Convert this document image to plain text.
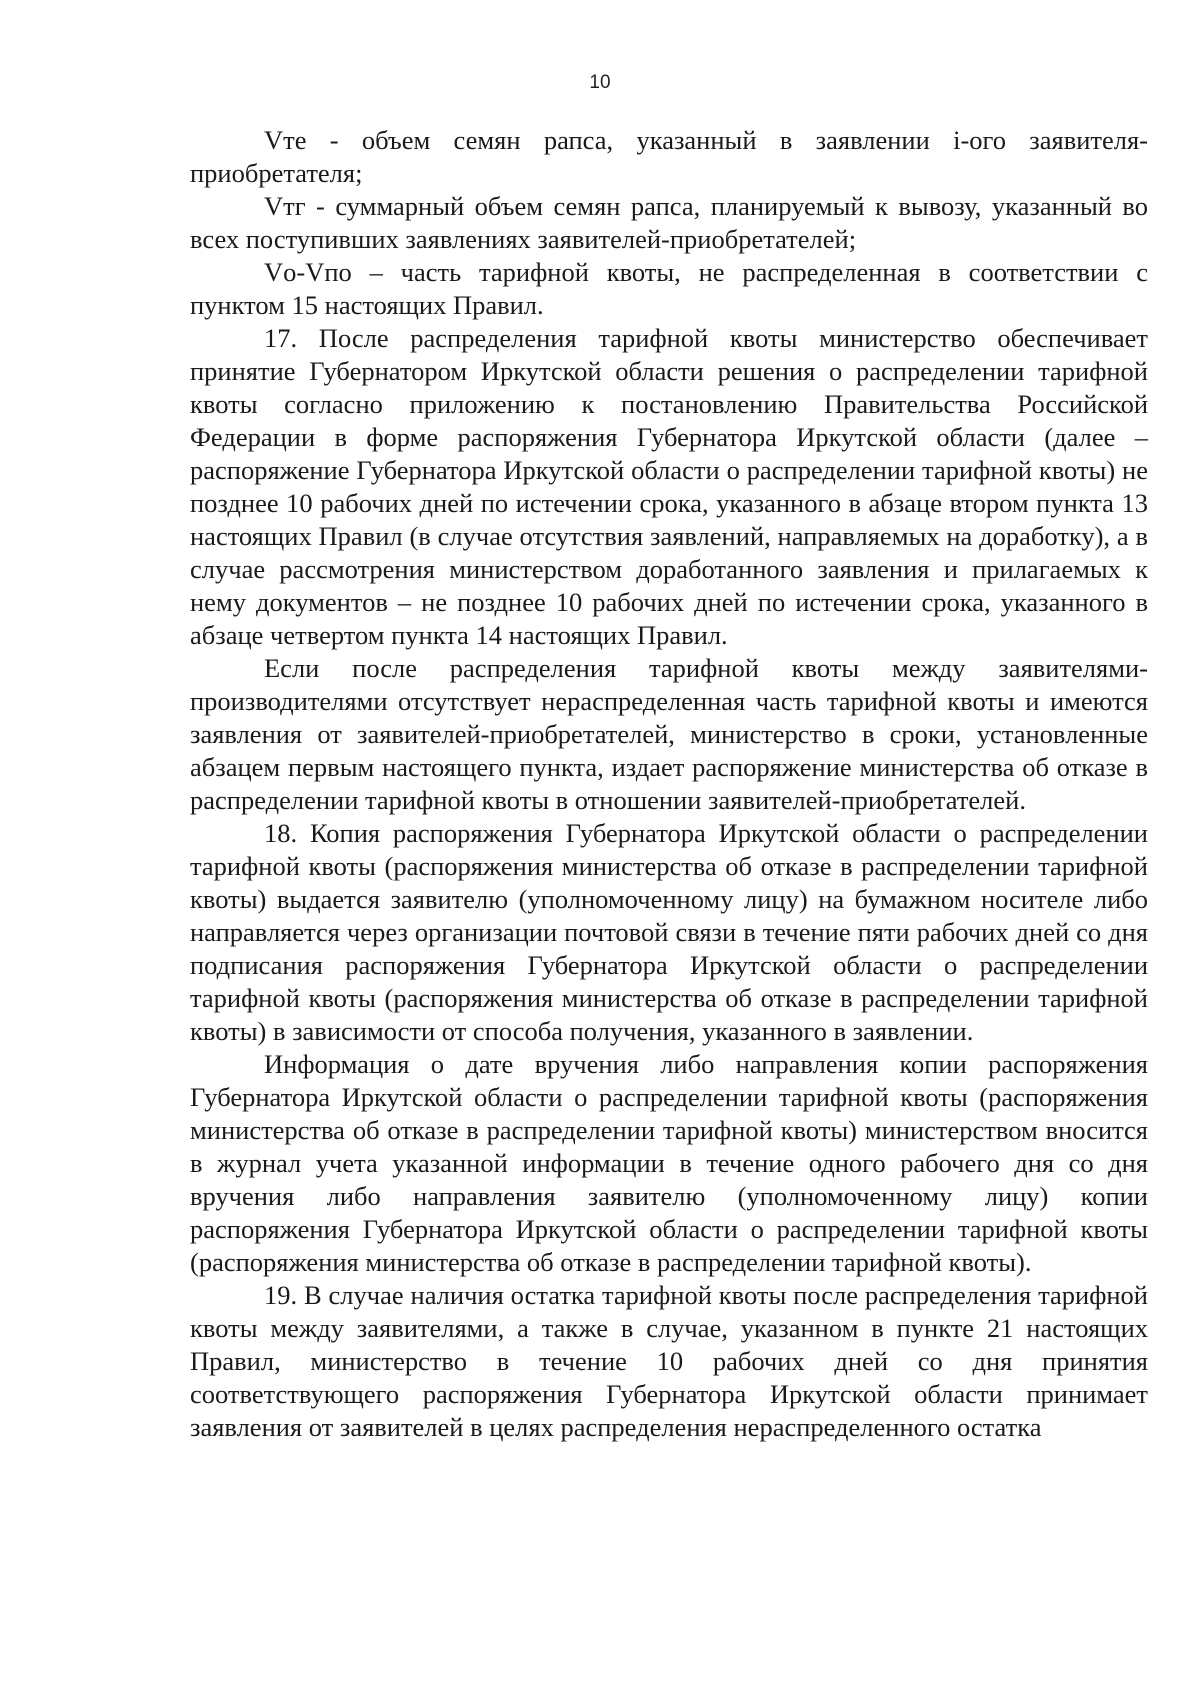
10

Vте - объем семян рапса, указанный в заявлении i-ого заявителя-приобретателя;

Vтг - суммарный объем семян рапса, планируемый к вывозу, указанный во всех поступивших заявлениях заявителей-приобретателей;

Vо-Vпо – часть тарифной квоты, не распределенная в соответствии с пунктом 15 настоящих Правил.

17. После распределения тарифной квоты министерство обеспечивает принятие Губернатором Иркутской области решения о распределении тарифной квоты согласно приложению к постановлению Правительства Российской Федерации в форме распоряжения Губернатора Иркутской области (далее – распоряжение Губернатора Иркутской области о распределении тарифной квоты) не позднее 10 рабочих дней по истечении срока, указанного в абзаце втором пункта 13 настоящих Правил (в случае отсутствия заявлений, направляемых на доработку), а в случае рассмотрения министерством доработанного заявления и прилагаемых к нему документов – не позднее 10 рабочих дней по истечении срока, указанного в абзаце четвертом пункта 14 настоящих Правил.

Если после распределения тарифной квоты между заявителями-производителями отсутствует нераспределенная часть тарифной квоты и имеются заявления от заявителей-приобретателей, министерство в сроки, установленные абзацем первым настоящего пункта, издает распоряжение министерства об отказе в распределении тарифной квоты в отношении заявителей-приобретателей.

18. Копия распоряжения Губернатора Иркутской области о распределении тарифной квоты (распоряжения министерства об отказе в распределении тарифной квоты) выдается заявителю (уполномоченному лицу) на бумажном носителе либо направляется через организации почтовой связи в течение пяти рабочих дней со дня подписания распоряжения Губернатора Иркутской области о распределении тарифной квоты (распоряжения министерства об отказе в распределении тарифной квоты) в зависимости от способа получения, указанного в заявлении.

Информация о дате вручения либо направления копии распоряжения Губернатора Иркутской области о распределении тарифной квоты (распоряжения министерства об отказе в распределении тарифной квоты) министерством вносится в журнал учета указанной информации в течение одного рабочего дня со дня вручения либо направления заявителю (уполномоченному лицу) копии распоряжения Губернатора Иркутской области о распределении тарифной квоты (распоряжения министерства об отказе в распределении тарифной квоты).

19. В случае наличия остатка тарифной квоты после распределения тарифной квоты между заявителями, а также в случае, указанном в пункте 21 настоящих Правил, министерство в течение 10 рабочих дней со дня принятия соответствующего распоряжения Губернатора Иркутской области принимает заявления от заявителей в целях распределения нераспределенного остатка
